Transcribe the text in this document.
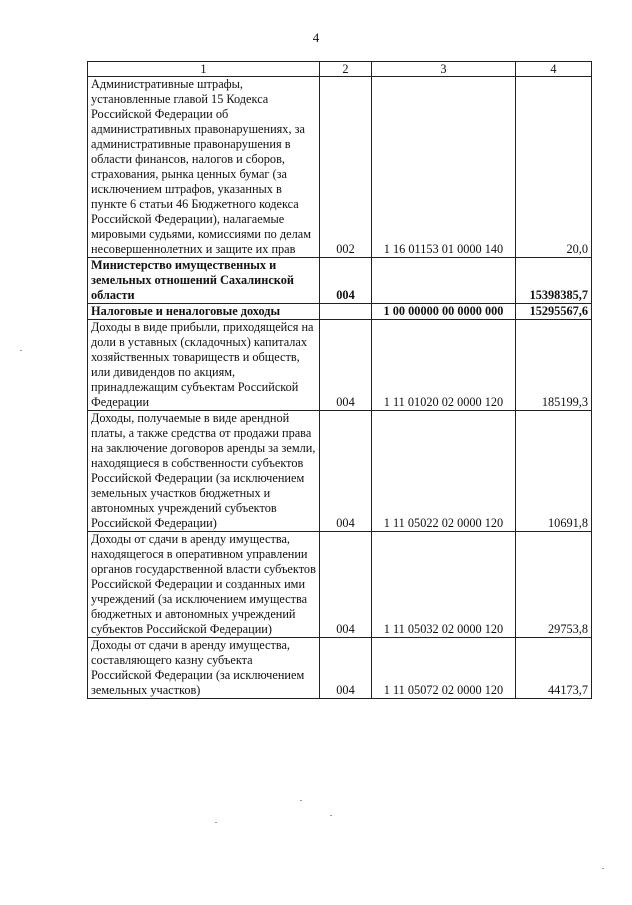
4
1	2	3	4
Административные штрафы, установленные главой 15 Кодекса Российской Федерации об административных правонарушениях, за административные правонарушения в области финансов, налогов и сборов, страхования, рынка ценных бумаг (за исключением штрафов, указанных в пункте 6 статьи 46 Бюджетного кодекса Российской Федерации), налагаемые мировыми судьями, комиссиями по делам несовершеннолетних и защите их прав	002	1 16 01153 01 0000 140	20,0
Министерство имущественных и земельных отношений Сахалинской области	004		15398385,7
Налоговые и неналоговые доходы		1 00 00000 00 0000 000	15295567,6
Доходы в виде прибыли, приходящейся на доли в уставных (складочных) капиталах хозяйственных товариществ и обществ, или дивидендов по акциям, принадлежащим субъектам Российской Федерации	004	1 11 01020 02 0000 120	185199,3
Доходы, получаемые в виде арендной платы, а также средства от продажи права на заключение договоров аренды за земли, находящиеся в собственности субъектов Российской Федерации (за исключением земельных участков бюджетных и автономных учреждений субъектов Российской Федерации)	004	1 11 05022 02 0000 120	10691,8
Доходы от сдачи в аренду имущества, находящегося в оперативном управлении органов государственной власти субъектов Российской Федерации и созданных ими учреждений (за исключением имущества бюджетных и автономных учреждений субъектов Российской Федерации)	004	1 11 05032 02 0000 120	29753,8
Доходы от сдачи в аренду имущества, составляющего казну субъекта Российской Федерации (за исключением земельных участков)	004	1 11 05072 02 0000 120	44173,7
